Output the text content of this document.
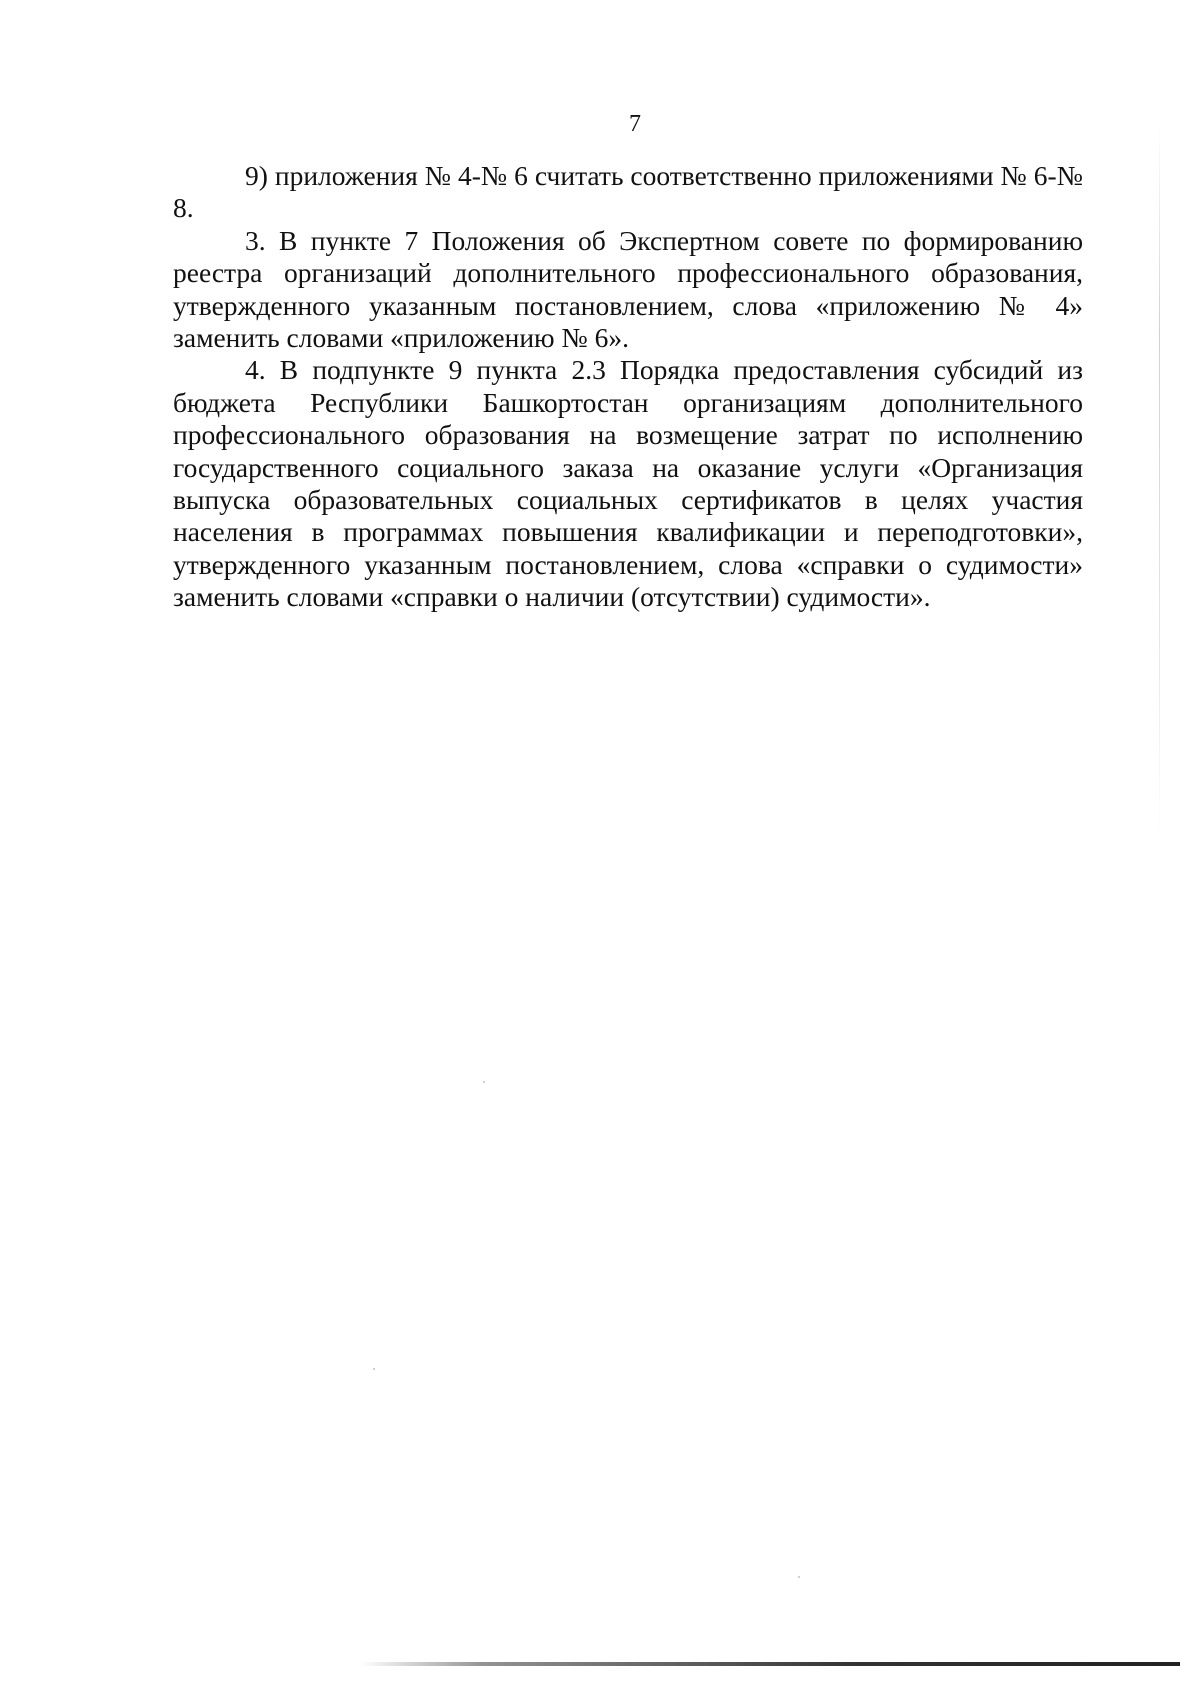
7

9) приложения № 4-№ 6 считать соответственно приложениями № 6-№ 8.

3. В пункте 7 Положения об Экспертном совете по формированию реестра организаций дополнительного профессионального образования, утвержденного указанным постановлением, слова «приложению № 4» заменить словами «приложению № 6».

4. В подпункте 9 пункта 2.3 Порядка предоставления субсидий из бюджета Республики Башкортостан организациям дополнительного профессионального образования на возмещение затрат по исполнению государственного социального заказа на оказание услуги «Организация выпуска образовательных социальных сертификатов в целях участия населения в программах повышения квалификации и переподготовки», утвержденного указанным постановлением, слова «справки о судимости» заменить словами «справки о наличии (отсутствии) судимости».
